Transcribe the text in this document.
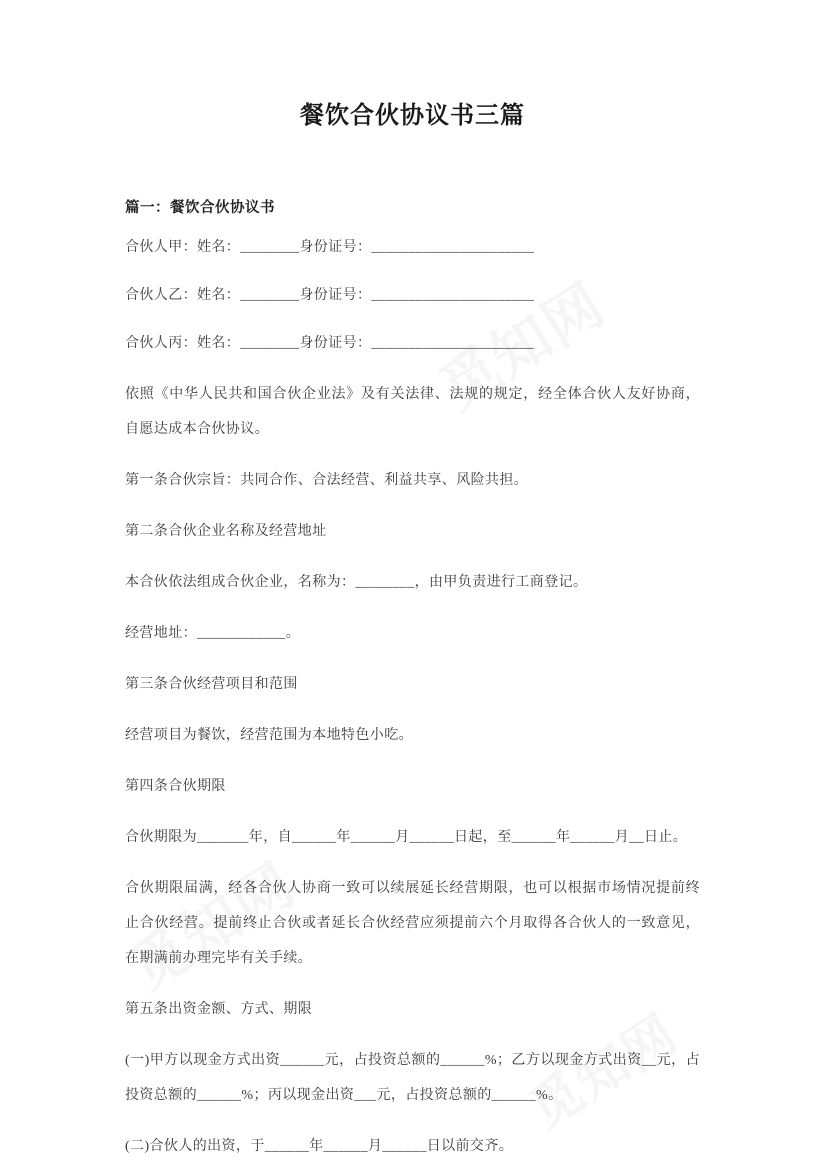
餐饮合伙协议书三篇
篇一：餐饮合伙协议书

合伙人甲：姓名：________身份证号：______________________

合伙人乙：姓名：________身份证号：______________________

合伙人丙：姓名：________身份证号：______________________

依照《中华人民共和国合伙企业法》及有关法律、法规的规定，经全体合伙人友好协商，自愿达成本合伙协议。

第一条合伙宗旨：共同合作、合法经营、利益共享、风险共担。

第二条合伙企业名称及经营地址

本合伙依法组成合伙企业，名称为：________，由甲负责进行工商登记。

经营地址：____________。

第三条合伙经营项目和范围

经营项目为餐饮，经营范围为本地特色小吃。

第四条合伙期限

合伙期限为_______年，自______年______月______日起，至______年______月__日止。

合伙期限届满，经各合伙人协商一致可以续展延长经营期限，也可以根据市场情况提前终止合伙经营。提前终止合伙或者延长合伙经营应须提前六个月取得各合伙人的一致意见，在期满前办理完毕有关手续。

第五条出资金额、方式、期限

(一)甲方以现金方式出资______元，占投资总额的______%；乙方以现金方式出资__元，占投资总额的______%；丙以现金出资___元，占投资总额的______%。

(二)合伙人的出资，于______年______月______日以前交齐。
